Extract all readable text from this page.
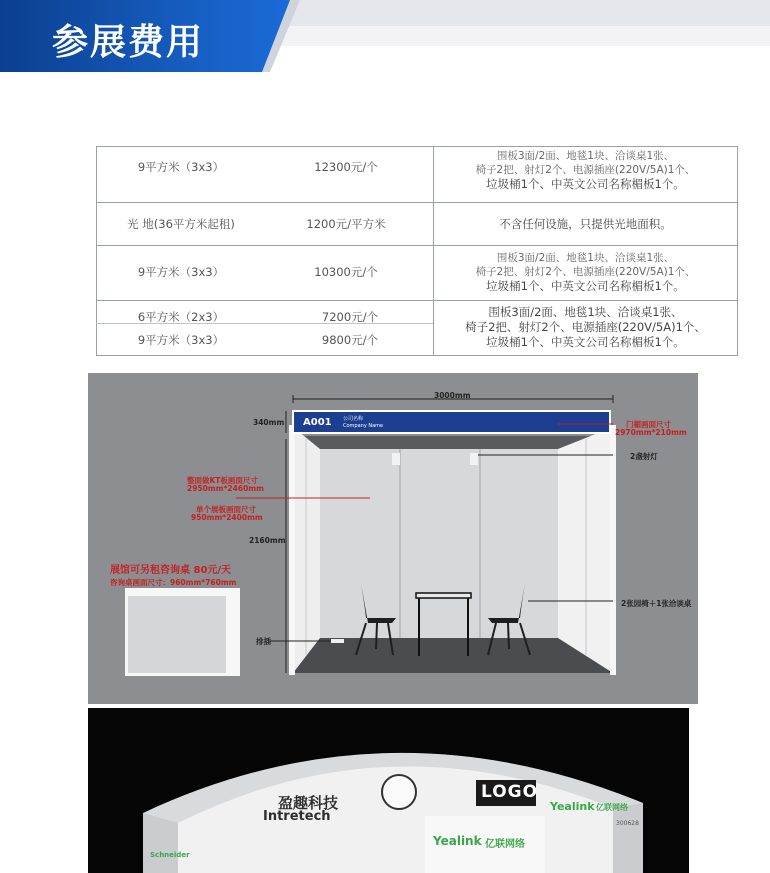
参展费用
9平方米（3x3）	12300元/个
围板3面/2面、地毯1块、洽谈桌1张、
椅子2把、射灯2个、电源插座(220V/5A)1个、
垃圾桶1个、中英文公司名称楣板1个。
光 地(36平方米起租)	1200元/平方米	不含任何设施，只提供光地面积。
9平方米（3x3）	10300元/个
围板3面/2面、地毯1块、洽谈桌1张、
椅子2把、射灯2个、电源插座(220V/5A)1个、
垃圾桶1个、中英文公司名称楣板1个。
6平方米（2x3）	7200元/个
9平方米（3x3）	9800元/个
围板3面/2面、地毯1块、洽谈桌1张、
椅子2把、射灯2个、电源插座(220V/5A)1个、
垃圾桶1个、中英文公司名称楣板1个。
3000mm
340mm
2160mm
A001 公司名称
Company Name	门楣画面尺寸
2970mm*210mm
2盏射灯
整面做KT板画面尺寸
2950mm*2460mm
单个展板画面尺寸
950mm*2400mm
展馆可另租咨询桌 80元/天
咨询桌画面尺寸：960mm*760mm
排插
2张园椅＋1张洽谈桌
LOGO
盈趣科技
Intretech
Yealink 亿联网络
Yealink 亿联网络
300628
Schneider
